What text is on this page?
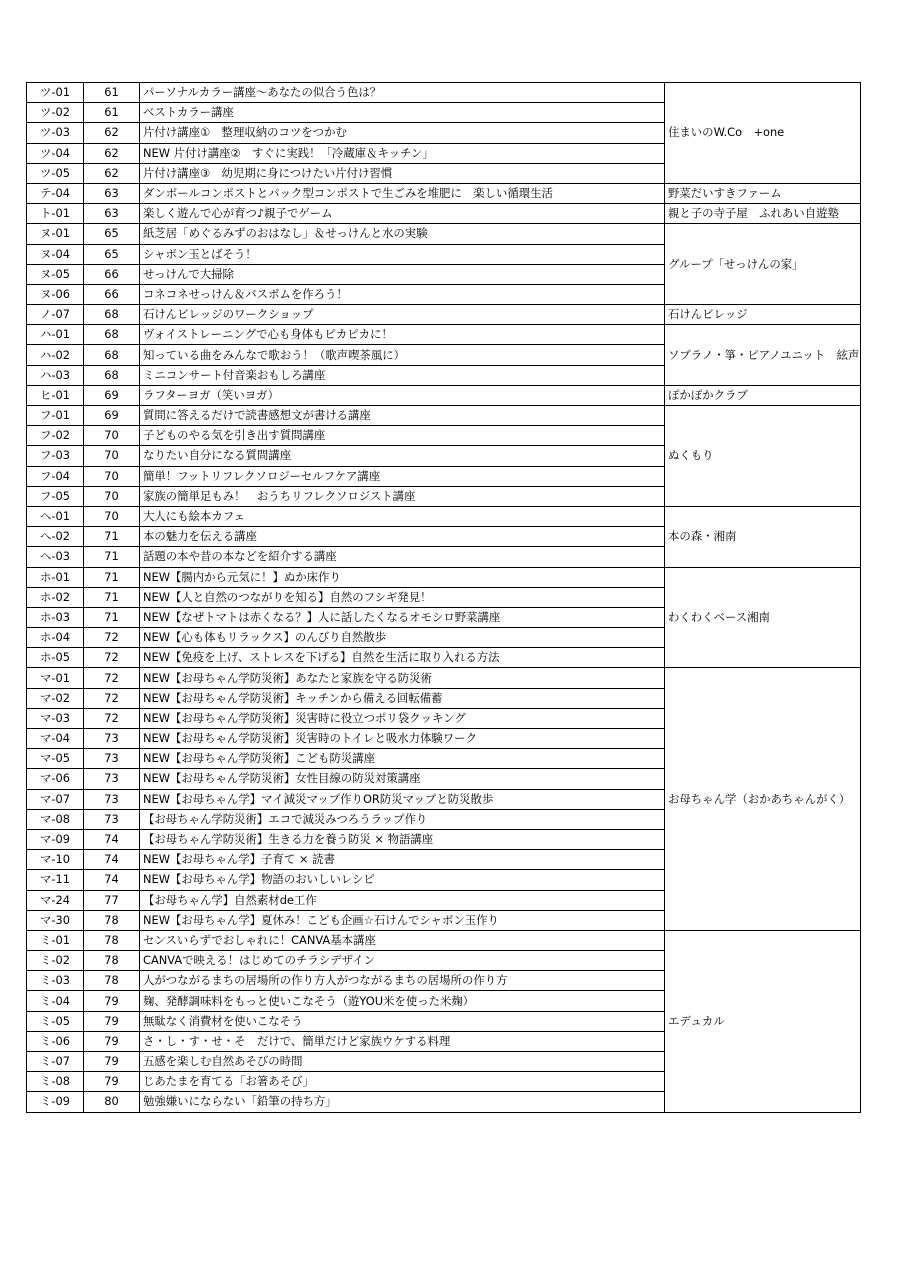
ツ-01	61	パーソナルカラー講座～あなたの似合う色は？	住まいのW.Co　+one
ツ-02	61	ベストカラー講座	
ツ-03	62	片付け講座①　整理収納のコツをつかむ	
ツ-04	62	NEW 片付け講座②　すぐに実践！「冷蔵庫＆キッチン」	
ツ-05	62	片付け講座③　幼児期に身につけたい片付け習慣	
テ-04	63	ダンボールコンポストとパック型コンポストで生ごみを堆肥に　楽しい循環生活	野菜だいすきファーム
ト-01	63	楽しく遊んで心が育つ♪親子でゲーム	親と子の寺子屋　ふれあい自遊塾
ヌ-01	65	紙芝居「めぐるみずのおはなし」＆せっけんと水の実験	グループ「せっけんの家」
ヌ-04	65	シャボン玉とばそう！	
ヌ-05	66	せっけんで大掃除	
ヌ-06	66	コネコネせっけん＆バスボムを作ろう！	
ノ-07	68	石けんビレッジのワークショップ	石けんビレッジ
ハ-01	68	ヴォイストレーニングで心も身体もピカピカに！	ソプラノ・箏・ピアノユニット　絃声
ハ-02	68	知っている曲をみんなで歌おう！（歌声喫茶風に）	
ハ-03	68	ミニコンサート付音楽おもしろ講座	
ヒ-01	69	ラフターヨガ（笑いヨガ）	ぽかぽかクラブ
フ-01	69	質問に答えるだけで読書感想文が書ける講座	ぬくもり
フ-02	70	子どものやる気を引き出す質問講座	
フ-03	70	なりたい自分になる質問講座	
フ-04	70	簡単！フットリフレクソロジーセルフケア講座	
フ-05	70	家族の簡単足もみ！　おうちリフレクソロジスト講座	
へ-01	70	大人にも絵本カフェ	本の森・湘南
へ-02	71	本の魅力を伝える講座	
へ-03	71	話題の本や昔の本などを紹介する講座	
ホ-01	71	NEW【腸内から元気に！】ぬか床作り	わくわくベース湘南
ホ-02	71	NEW【人と自然のつながりを知る】自然のフシギ発見！	
ホ-03	71	NEW【なぜトマトは赤くなる？】人に話したくなるオモシロ野菜講座	
ホ-04	72	NEW【心も体もリラックス】のんびり自然散歩	
ホ-05	72	NEW【免疫を上げ、ストレスを下げる】自然を生活に取り入れる方法	
マ-01	72	NEW【お母ちゃん学防災術】あなたと家族を守る防災術	お母ちゃん学（おかあちゃんがく）
マ-02	72	NEW【お母ちゃん学防災術】キッチンから備える回転備蓄	
マ-03	72	NEW【お母ちゃん学防災術】災害時に役立つポリ袋クッキング	
マ-04	73	NEW【お母ちゃん学防災術】災害時のトイレと吸水力体験ワーク	
マ-05	73	NEW【お母ちゃん学防災術】こども防災講座	
マ-06	73	NEW【お母ちゃん学防災術】女性目線の防災対策講座	
マ-07	73	NEW【お母ちゃん学】マイ減災マップ作りOR防災マップと防災散歩	
マ-08	73	【お母ちゃん学防災術】エコで減災みつろうラップ作り	
マ-09	74	【お母ちゃん学防災術】生きる力を養う防災 × 物語講座	
マ-10	74	NEW【お母ちゃん学】子育て × 読書	
マ-11	74	NEW【お母ちゃん学】物語のおいしいレシピ	
マ-24	77	【お母ちゃん学】自然素材de工作	
マ-30	78	NEW【お母ちゃん学】夏休み！こども企画☆石けんでシャボン玉作り	
ミ-01	78	センスいらずでおしゃれに！CANVA基本講座	エデュカル
ミ-02	78	CANVAで映える！はじめてのチラシデザイン	
ミ-03	78	人がつながるまちの居場所の作り方人がつながるまちの居場所の作り方	
ミ-04	79	麹、発酵調味料をもっと使いこなそう（遊YOU米を使った米麹）	
ミ-05	79	無駄なく消費材を使いこなそう	
ミ-06	79	さ・し・す・せ・そ　だけで、簡単だけど家族ウケする料理	
ミ-07	79	五感を楽しむ自然あそびの時間	
ミ-08	79	じあたまを育てる「お箸あそび」	
ミ-09	80	勉強嫌いにならない「鉛筆の持ち方」	
